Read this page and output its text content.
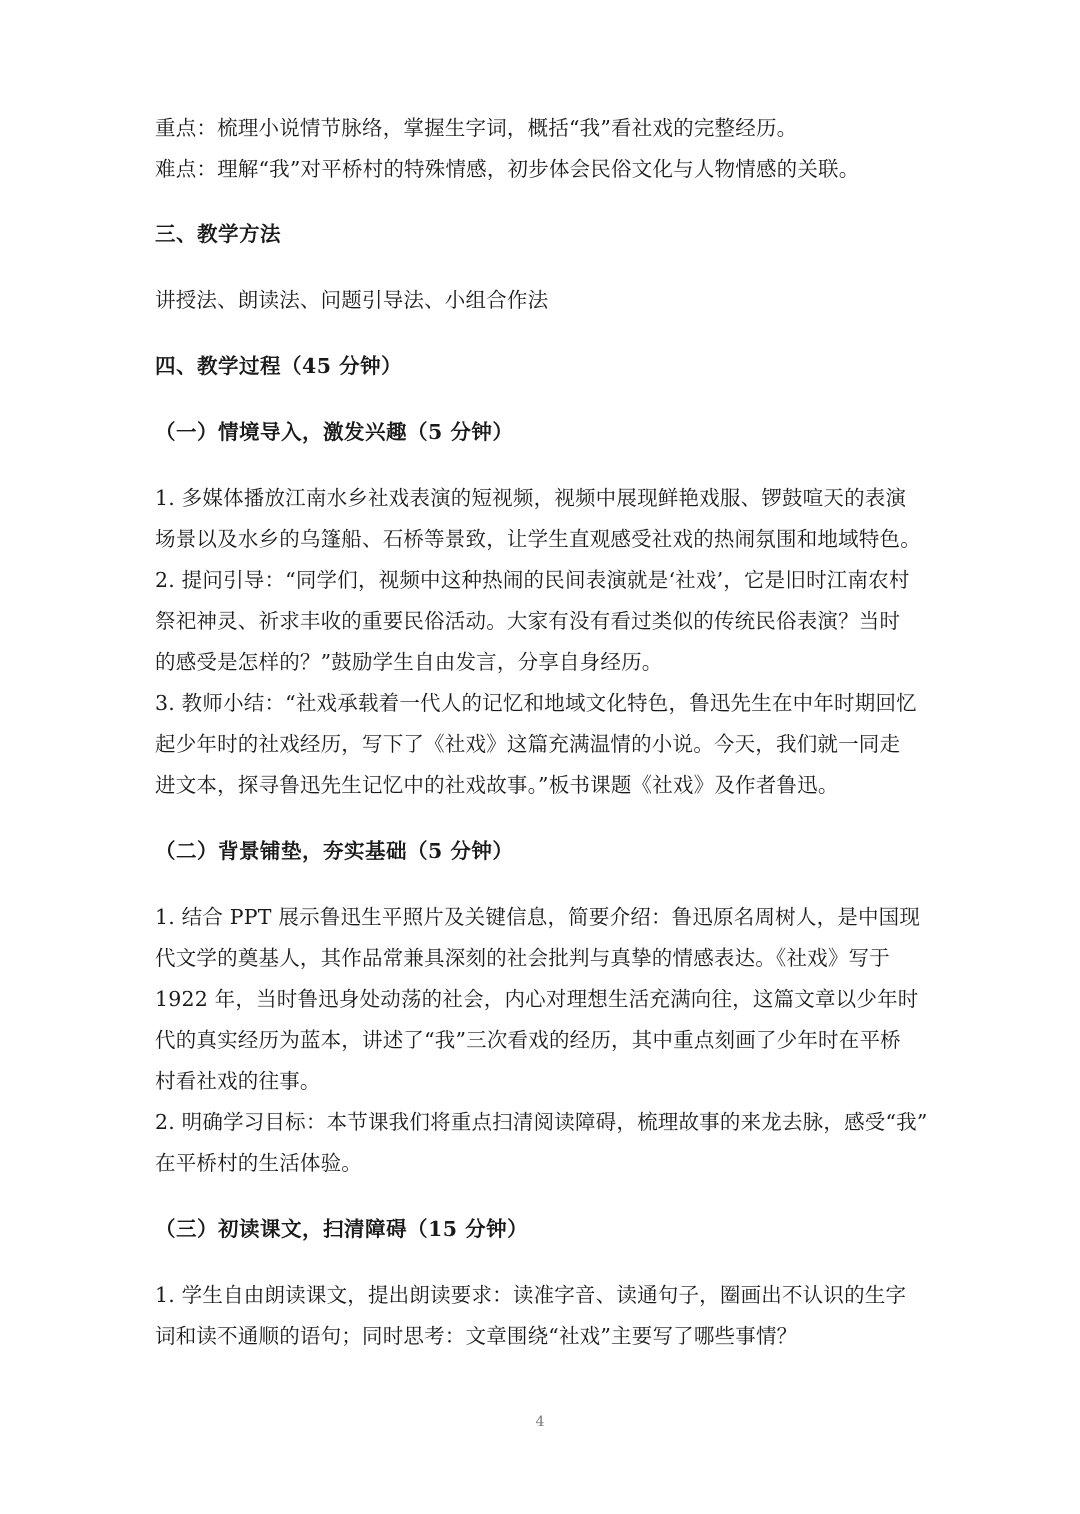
重点：梳理小说情节脉络，掌握生字词，概括“我”看社戏的完整经历。
难点：理解“我”对平桥村的特殊情感，初步体会民俗文化与人物情感的关联。
三、教学方法
讲授法、朗读法、问题引导法、小组合作法
四、教学过程（45 分钟）
（一）情境导入，激发兴趣（5 分钟）
1. 多媒体播放江南水乡社戏表演的短视频，视频中展现鲜艳戏服、锣鼓喧天的表演
场景以及水乡的乌篷船、石桥等景致，让学生直观感受社戏的热闹氛围和地域特色。
2. 提问引导：“同学们，视频中这种热闹的民间表演就是‘社戏’，它是旧时江南农村
祭祀神灵、祈求丰收的重要民俗活动。大家有没有看过类似的传统民俗表演？当时
的感受是怎样的？”鼓励学生自由发言，分享自身经历。
3. 教师小结：“社戏承载着一代人的记忆和地域文化特色，鲁迅先生在中年时期回忆
起少年时的社戏经历，写下了《社戏》这篇充满温情的小说。今天，我们就一同走
进文本，探寻鲁迅先生记忆中的社戏故事。”板书课题《社戏》及作者鲁迅。
（二）背景铺垫，夯实基础（5 分钟）
1. 结合 PPT 展示鲁迅生平照片及关键信息，简要介绍：鲁迅原名周树人，是中国现
代文学的奠基人，其作品常兼具深刻的社会批判与真挚的情感表达。《社戏》写于
1922 年，当时鲁迅身处动荡的社会，内心对理想生活充满向往，这篇文章以少年时
代的真实经历为蓝本，讲述了“我”三次看戏的经历，其中重点刻画了少年时在平桥
村看社戏的往事。
2. 明确学习目标：本节课我们将重点扫清阅读障碍，梳理故事的来龙去脉，感受“我”
在平桥村的生活体验。
（三）初读课文，扫清障碍（15 分钟）
1. 学生自由朗读课文，提出朗读要求：读准字音、读通句子，圈画出不认识的生字
词和读不通顺的语句；同时思考：文章围绕“社戏”主要写了哪些事情？
4
